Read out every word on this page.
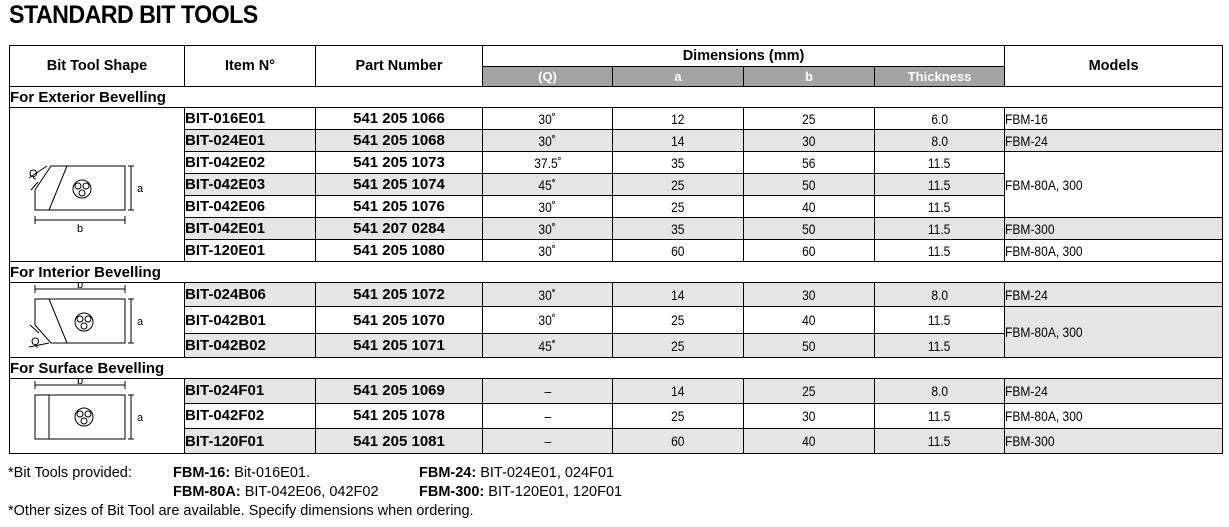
STANDARD BIT TOOLS
Bit Tool Shape	Item N°	Part Number	Dimensions (mm)				Models
			(Q)	a	b	Thickness	
For Exterior Bevelling							

Q
a
b	BIT-016E01	541 205 1066	30˚	12	25	6.0	FBM-16
	BIT-024E01	541 205 1068	30˚	14	30	8.0	FBM-24
	BIT-042E02	541 205 1073	37.5˚	35	56	11.5	FBM-80A, 300
	BIT-042E03	541 205 1074	45˚	25	50	11.5	
	BIT-042E06	541 205 1076	30˚	25	40	11.5	
	BIT-042E01	541 207 0284	30˚	35	50	11.5	FBM-300
	BIT-120E01	541 205 1080	30˚	60	60	11.5	FBM-80A, 300
For Interior Bevelling							

b
a
Q	BIT-024B06	541 205 1072	30˚	14	30	8.0	FBM-24
	BIT-042B01	541 205 1070	30˚	25	40	11.5	FBM-80A, 300
	BIT-042B02	541 205 1071	45˚	25	50	11.5	
For Surface Bevelling							

b
a	BIT-024F01	541 205 1069	–	14	25	8.0	FBM-24
	BIT-042F02	541 205 1078	–	25	30	11.5	FBM-80A, 300
	BIT-120F01	541 205 1081	–	60	40	11.5	FBM-300
*Bit Tools provided:	FBM-16: Bit-016E01.	FBM-24: BIT-024E01, 024F01
FBM-80A: BIT-042E06, 042F02	FBM-300: BIT-120E01, 120F01
*Other sizes of Bit Tool are available. Specify dimensions when ordering.
